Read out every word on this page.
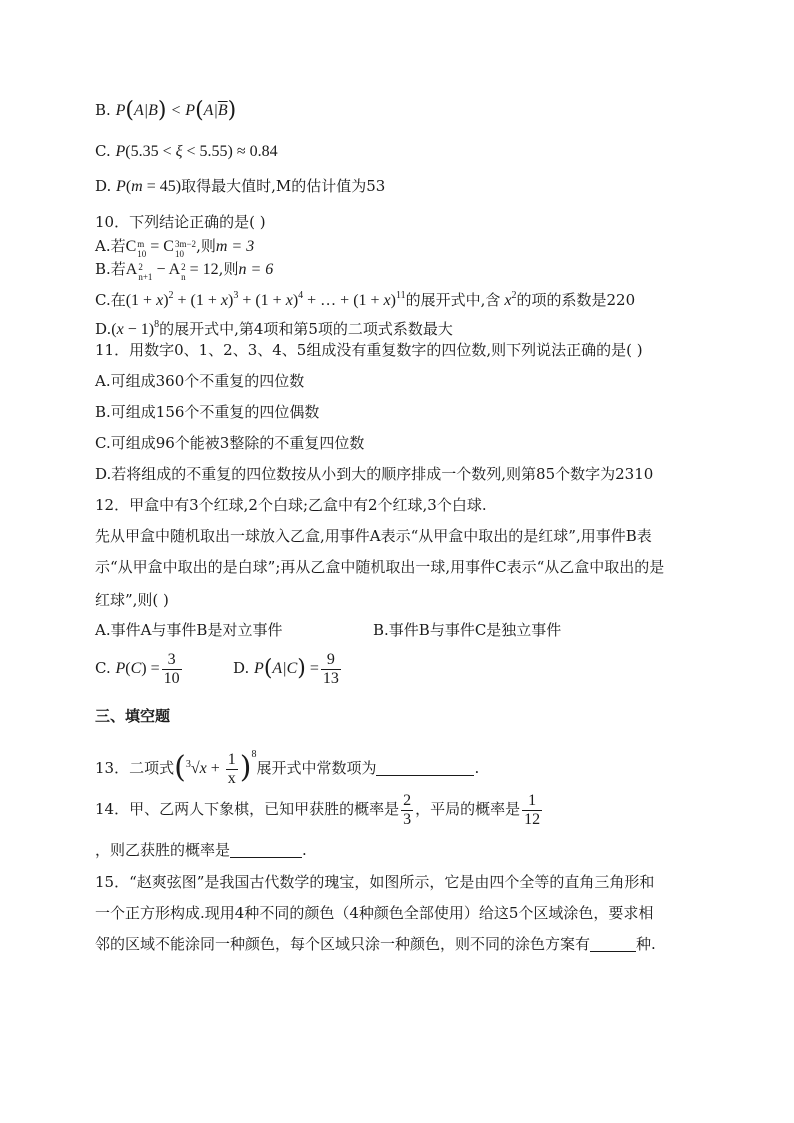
B. $P(A|B) < P(A|\overline{B})$
C. P(5.35 < ξ < 5.55) ≈ 0.84
D. P(m = 45)取得最大值时,M的估计值为53
10．下列结论正确的是( )
A.若C m
10 = C 3m−2
10 ,则m = 3
B.若A 2
n+1 − A 2
n = 12,则n = 6
C.在$(1 + x)^2 + (1 + x)^3 + (1 + x)^4$ + … + $(1 + x)^{11}$的展开式中,含 $x^2$的项的系数是220
$D.(x - 1)^8$的展开式中,第4项和第5项的二项式系数最大
11．用数字0、1、2、3、4、5组成没有重复数字的四位数,则下列说法正确的是( )
A.可组成360个不重复的四位数
B.可组成156个不重复的四位偶数
C.可组成96个能被3整除的不重复四位数
D.若将组成的不重复的四位数按从小到大的顺序排成一个数列,则第85个数字为2310
12．甲盒中有3个红球,2个白球;乙盒中有2个红球,3个白球.
先从甲盒中随机取出一球放入乙盒,用事件A表示“从甲盒中取出的是红球”,用事件B表
示“从甲盒中取出的是白球”;再从乙盒中随机取出一球,用事件C表示“从乙盒中取出的是
红球”,则( )
A.事件A与事件B是对立事件	B.事件B与事件C是独立事件
C. $P(C) = \frac{3}{10}$	D. $P(A|C) = \frac{9}{13}$
三、填空题
13．二项式$(^3√x + \frac{1}{x} )^8$展开式中常数项为	.
14．甲、乙两人下象棋，已知甲获胜的概率是 $\frac{2}{3}$ ，平局的概率是 $\frac{1}{12}$
，则乙获胜的概率是	.
15．“赵爽弦图”是我国古代数学的瑰宝，如图所示，它是由四个全等的直角三角形和
一个正方形构成.现用4种不同的颜色（4种颜色全部使用）给这5个区域涂色，要求相
邻的区域不能涂同一种颜色，每个区域只涂一种颜色，则不同的涂色方案有	种.
